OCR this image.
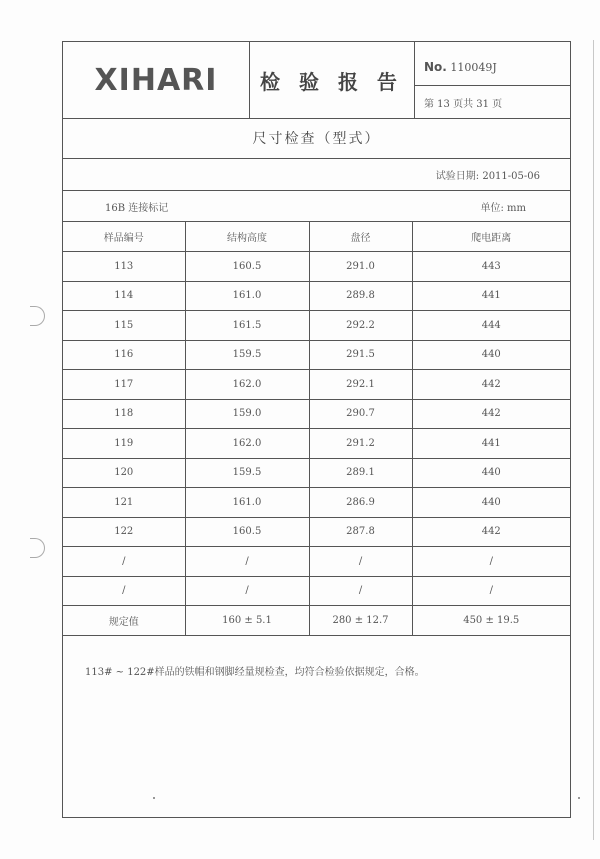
XIHARI	检 验 报 告
No. 110049J
第 13 页共 31 页
尺寸检查（型式）
试验日期: 2011-05-06
16B 连接标记	单位: mm
样品编号	结构高度	盘径	爬电距离
113	160.5	291.0	443
114	161.0	289.8	441
115	161.5	292.2	444
116	159.5	291.5	440
117	162.0	292.1	442
118	159.0	290.7	442
119	162.0	291.2	441
120	159.5	289.1	440
121	161.0	286.9	440
122	160.5	287.8	442
/	/	/	/
/	/	/	/
规定值	160 ± 5.1	280 ± 12.7	450 ± 19.5
113# ~ 122#样品的铁帽和钢脚经量规检查，均符合检验依据规定，合格。
